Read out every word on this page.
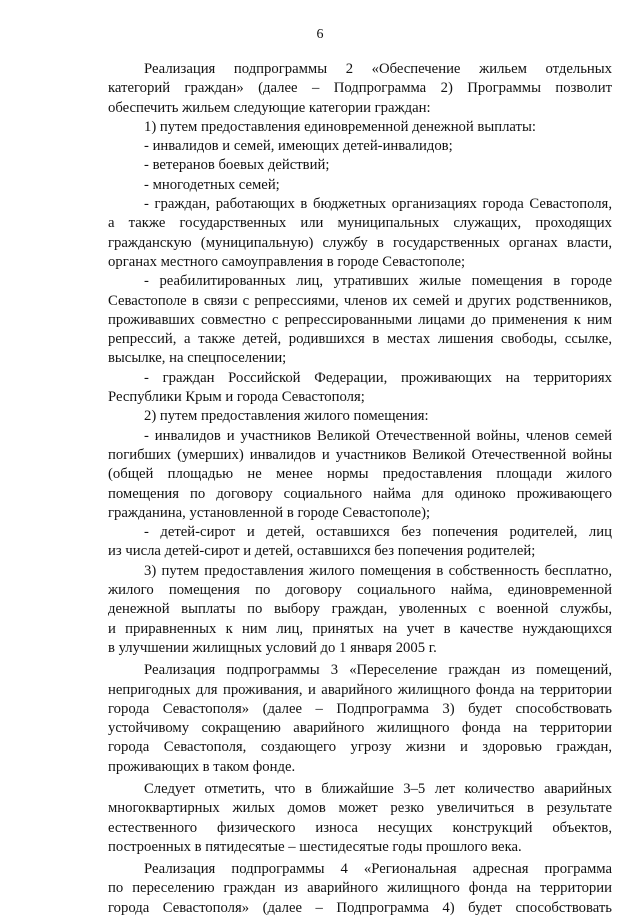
6
Реализация подпрограммы 2 «Обеспечение жильем отдельных
категорий граждан» (далее – Подпрограмма 2) Программы позволит
обеспечить жильем следующие категории граждан:
1) путем предоставления единовременной денежной выплаты:
- инвалидов и семей, имеющих детей-инвалидов;
- ветеранов боевых действий;
- многодетных семей;
- граждан, работающих в бюджетных организациях города Севастополя,
а также государственных или муниципальных служащих, проходящих
гражданскую (муниципальную) службу в государственных органах власти,
органах местного самоуправления в городе Севастополе;
- реабилитированных лиц, утративших жилые помещения в городе
Севастополе в связи с репрессиями, членов их семей и других родственников,
проживавших совместно с репрессированными лицами до применения к ним
репрессий, а также детей, родившихся в местах лишения свободы, ссылке,
высылке, на спецпоселении;
- граждан Российской Федерации, проживающих на территориях
Республики Крым и города Севастополя;
2) путем предоставления жилого помещения:
- инвалидов и участников Великой Отечественной войны, членов семей
погибших (умерших) инвалидов и участников Великой Отечественной войны
(общей площадью не менее нормы предоставления площади жилого
помещения по договору социального найма для одиноко проживающего
гражданина, установленной в городе Севастополе);
- детей-сирот и детей, оставшихся без попечения родителей, лиц
из числа детей-сирот и детей, оставшихся без попечения родителей;
3) путем предоставления жилого помещения в собственность бесплатно,
жилого помещения по договору социального найма, единовременной
денежной выплаты по выбору граждан, уволенных с военной службы,
и приравненных к ним лиц, принятых на учет в качестве нуждающихся
в улучшении жилищных условий до 1 января 2005 г.
Реализация подпрограммы 3 «Переселение граждан из помещений,
непригодных для проживания, и аварийного жилищного фонда на территории
города Севастополя» (далее – Подпрограмма 3) будет способствовать
устойчивому сокращению аварийного жилищного фонда на территории
города Севастополя, создающего угрозу жизни и здоровью граждан,
проживающих в таком фонде.
Следует отметить, что в ближайшие 3–5 лет количество аварийных
многоквартирных жилых домов может резко увеличиться в результате
естественного физического износа несущих конструкций объектов,
построенных в пятидесятые – шестидесятые годы прошлого века.
Реализация подпрограммы 4 «Региональная адресная программа
по переселению граждан из аварийного жилищного фонда на территории
города Севастополя» (далее – Подпрограмма 4) будет способствовать
